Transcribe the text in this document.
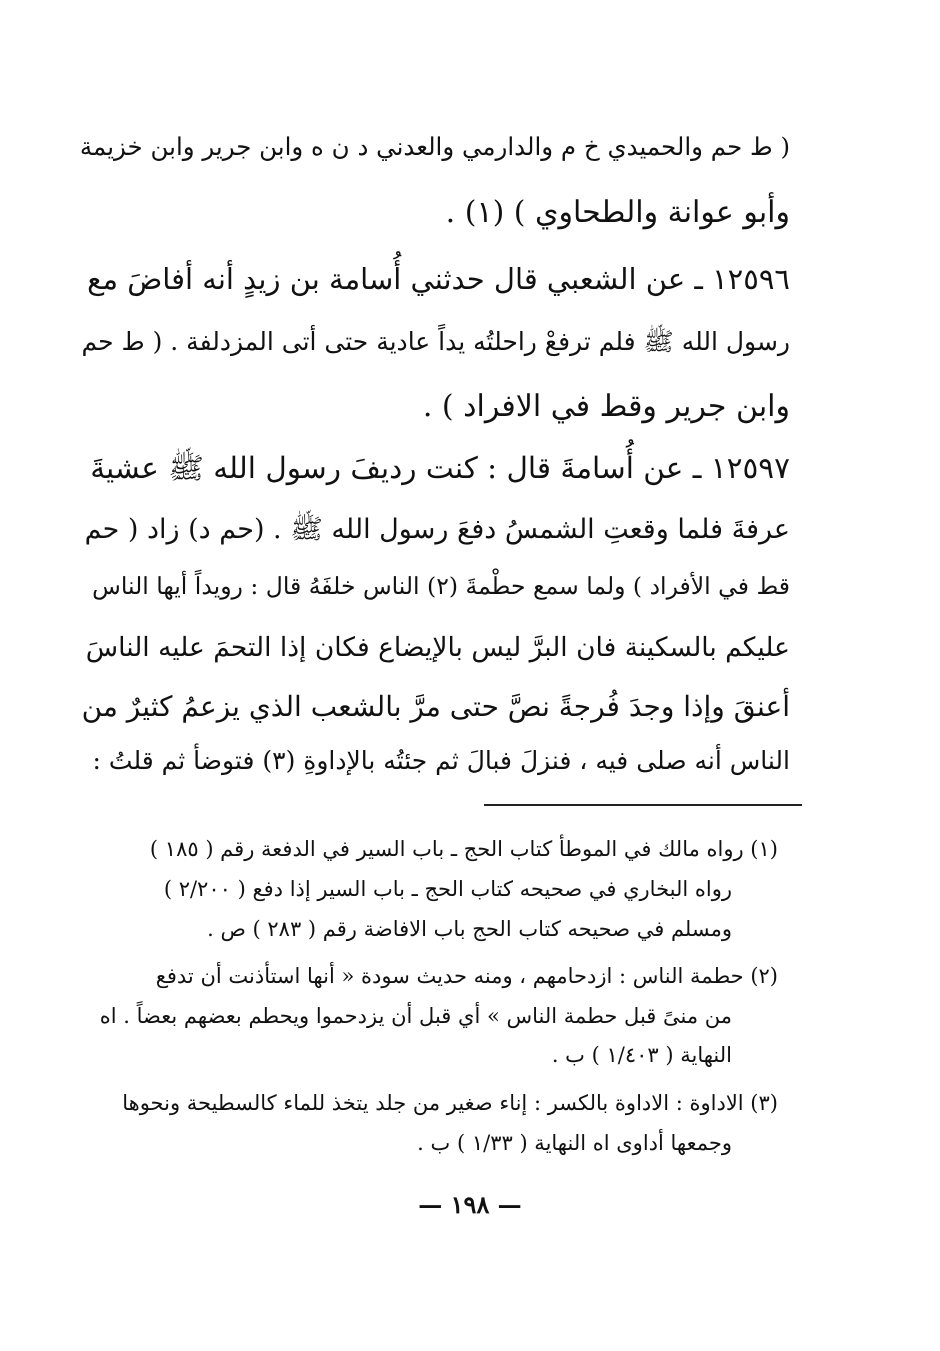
( ط حم والحميدي خ م والدارمي والعدني د ن ه وابن جرير وابن خزيمة

وأبو عوانة والطحاوي ) (١) .

١٢٥٩٦ ـ عن الشعبي قال حدثني أُسامة بن زيدٍ أنه أفاضَ مع

رسول الله ﷺ فلم ترفعْ راحلتُه يداً عادية حتى أتى المزدلفة . ( ط حم

وابن جرير وقط في الافراد ) .

١٢٥٩٧ ـ عن أُسامةَ قال : كنت رديفَ رسول الله ﷺ عشيةَ

عرفةَ فلما وقعتِ الشمسُ دفعَ رسول الله ﷺ . (حم د) زاد ( حم

قط في الأفراد ) ولما سمع حطْمةَ (٢) الناس خلفَهُ قال : رويداً أيها الناس

عليكم بالسكينة فان البرَّ ليس بالإيضاع فكان إذا التحمَ عليه الناسَ

أعنقَ وإذا وجدَ فُرجةً نصَّ حتى مرَّ بالشعب الذي يزعمُ كثيرٌ من

الناس أنه صلى فيه ، فنزلَ فبالَ ثم جئتُه بالإداوةِ (٣) فتوضأ ثم قلتُ :

(١) رواه مالك في الموطأ كتاب الحج ـ باب السير في الدفعة رقم ( ١٨٥ )

رواه البخاري في صحيحه كتاب الحج ـ باب السير إذا دفع ( ٢/٢٠٠ )

ومسلم في صحيحه كتاب الحج باب الافاضة رقم ( ٢٨٣ ) ص .

(٢) حطمة الناس : ازدحامهم ، ومنه حديث سودة « أنها استأذنت أن تدفع

من منىً قبل حطمة الناس » أي قبل أن يزدحموا ويحطم بعضهم بعضاً . اه

النهاية ( ١/٤٠٣ ) ب .

(٣) الاداوة : الاداوة بالكسر : إناء صغير من جلد يتخذ للماء كالسطيحة ونحوها

وجمعها أداوى اه النهاية ( ١/٣٣ ) ب .

— ١٩٨ —
